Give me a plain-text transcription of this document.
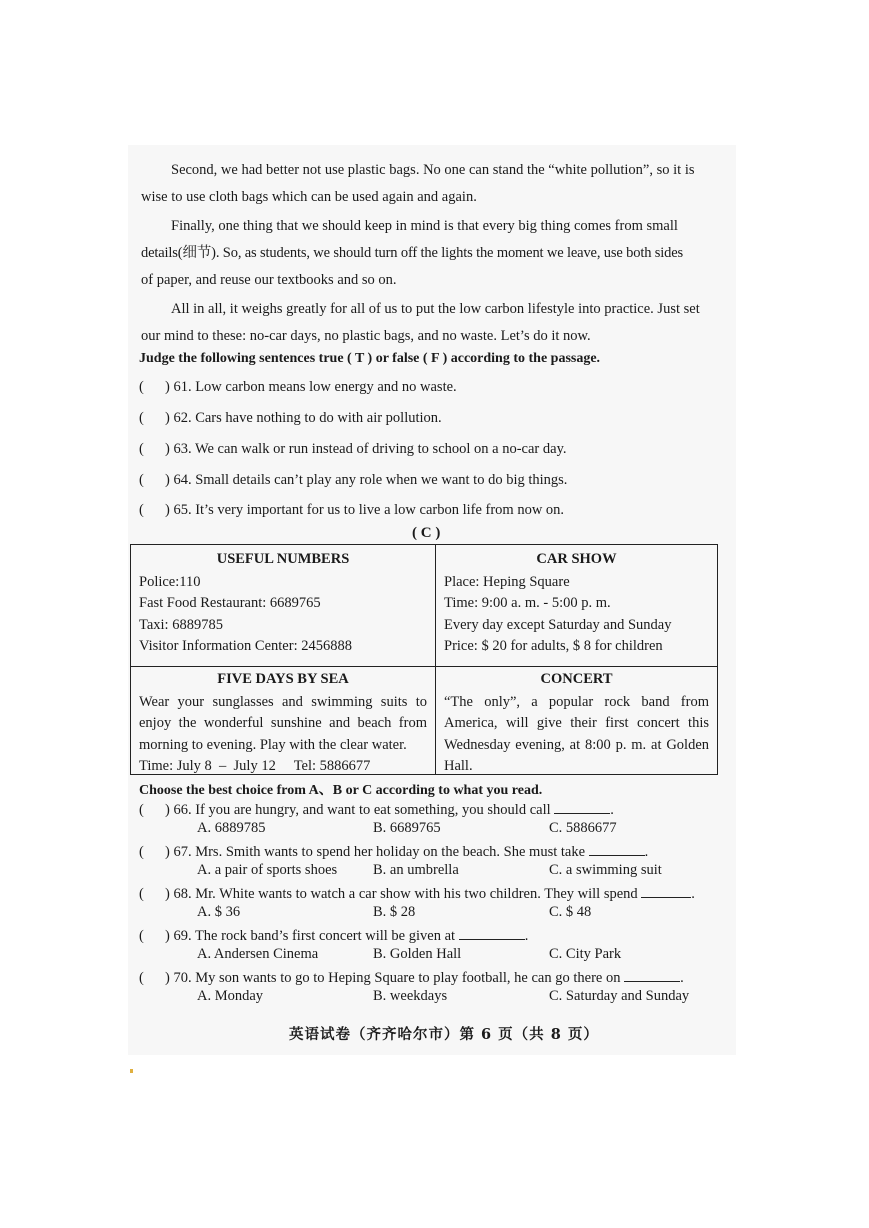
Second, we had better not use plastic bags. No one can stand the “white pollution”, so it is
wise to use cloth bags which can be used again and again.

Finally, one thing that we should keep in mind is that every big thing comes from small
details(细节). So, as students, we should turn off the lights the moment we leave, use both sides
of paper, and reuse our textbooks and so on.

All in all, it weighs greatly for all of us to put the low carbon lifestyle into practice. Just set
our mind to these: no-car days, no plastic bags, and no waste. Let’s do it now.

Judge the following sentences true ( T ) or false ( F ) according to the passage.

( ) 61. Low carbon means low energy and no waste.
( ) 62. Cars have nothing to do with air pollution.
( ) 63. We can walk or run instead of driving to school on a no-car day.
( ) 64. Small details can’t play any role when we want to do big things.
( ) 65. It’s very important for us to live a low carbon life from now on.
( C )
USEFUL NUMBERS
Police:110
Fast Food Restaurant: 6689765
Taxi: 6889785
Visitor Information Center: 2456888
CAR SHOW
Place: Heping Square
Time: 9:00 a. m. - 5:00 p. m.
Every day except Saturday and Sunday
Price: $ 20 for adults, $ 8 for children
FIVE DAYS BY SEA
Wear your sunglasses and swimming suits to
enjoy the wonderful sunshine and beach from
morning to evening. Play with the clear water.
Time: July 8  –  July 12     Tel: 5886677
CONCERT
“The only”, a popular rock band from
America, will give their first concert this
Wednesday evening, at 8:00 p. m. at Golden
Hall.

Choose the best choice from A、B or C according to what you read.

( ) 66. If you are hungry, and want to eat something, you should call	.
A. 6889785	B. 6689765	C. 5886677
( ) 67. Mrs. Smith wants to spend her holiday on the beach. She must take	.
A. a pair of sports shoes B. an umbrella	C. a swimming suit
( ) 68. Mr. White wants to watch a car show with his two children. They will spend	.
A. $ 36	B. $ 28	C. $ 48
( ) 69. The rock band’s first concert will be given at	.
A. Andersen Cinema	B. Golden Hall	C. City Park
( ) 70. My son wants to go to Heping Square to play football, he can go there on	.
A. Monday	B. weekdays	C. Saturday and Sunday
英语试卷（齐齐哈尔市）第 6 页（共 8 页）
